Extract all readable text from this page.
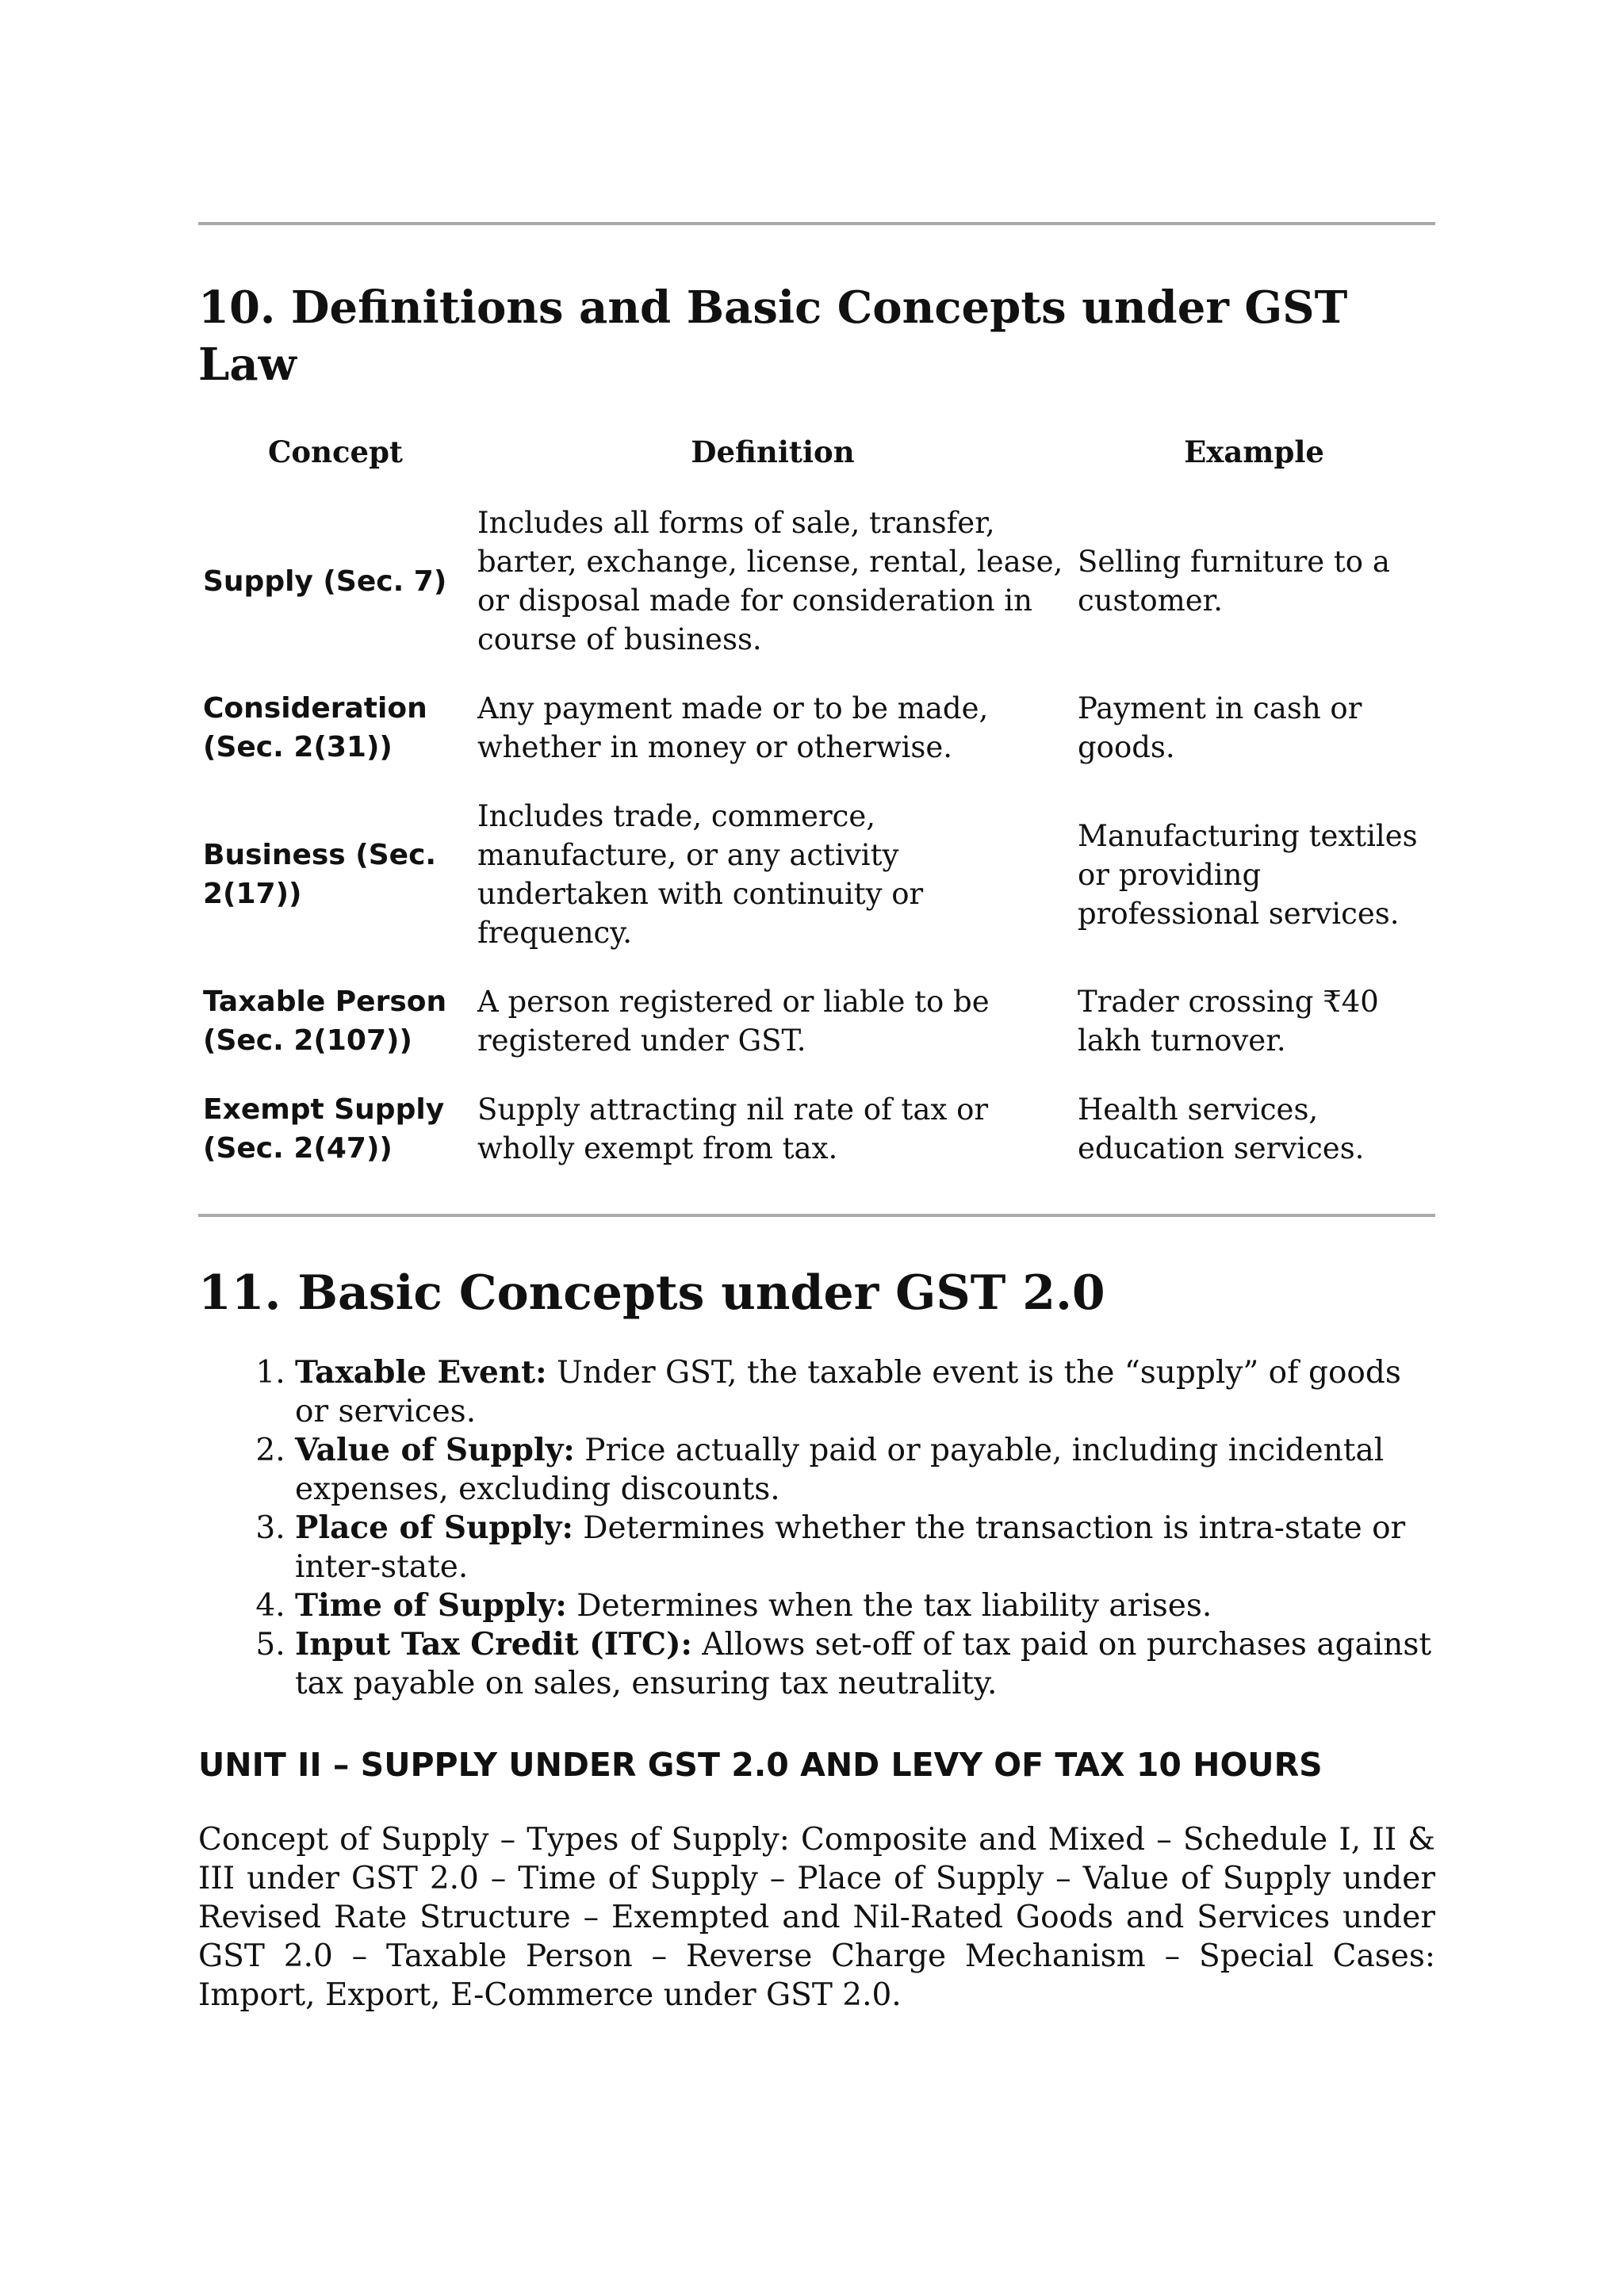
10. Definitions and Basic Concepts under GST Law
Concept	Definition	Example
Supply (Sec. 7)	Includes all forms of sale, transfer, barter, exchange, license, rental, lease, or disposal made for consideration in course of business.	Selling furniture to a customer.
Consideration (Sec. 2(31))	Any payment made or to be made, whether in money or otherwise.	Payment in cash or goods.
Business (Sec. 2(17))	Includes trade, commerce, manufacture, or any activity undertaken with continuity or frequency.	Manufacturing textiles or providing professional services.
Taxable Person (Sec. 2(107))	A person registered or liable to be registered under GST.	Trader crossing ₹40 lakh turnover.
Exempt Supply (Sec. 2(47))	Supply attracting nil rate of tax or wholly exempt from tax.	Health services, education services.
11. Basic Concepts under GST 2.0
1. Taxable Event: Under GST, the taxable event is the “supply” of goods or services.
2. Value of Supply: Price actually paid or payable, including incidental expenses, excluding discounts.
3. Place of Supply: Determines whether the transaction is intra-state or inter-state.
4. Time of Supply: Determines when the tax liability arises.
5. Input Tax Credit (ITC): Allows set-off of tax paid on purchases against tax payable on sales, ensuring tax neutrality.
UNIT II – SUPPLY UNDER GST 2.0 AND LEVY OF TAX 10 HOURS

Concept of Supply – Types of Supply: Composite and Mixed – Schedule I, II & III under GST 2.0 – Time of Supply – Place of Supply – Value of Supply under Revised Rate Structure – Exempted and Nil-Rated Goods and Services under GST 2.0 – Taxable Person – Reverse Charge Mechanism – Special Cases: Import, Export, E-Commerce under GST 2.0.
